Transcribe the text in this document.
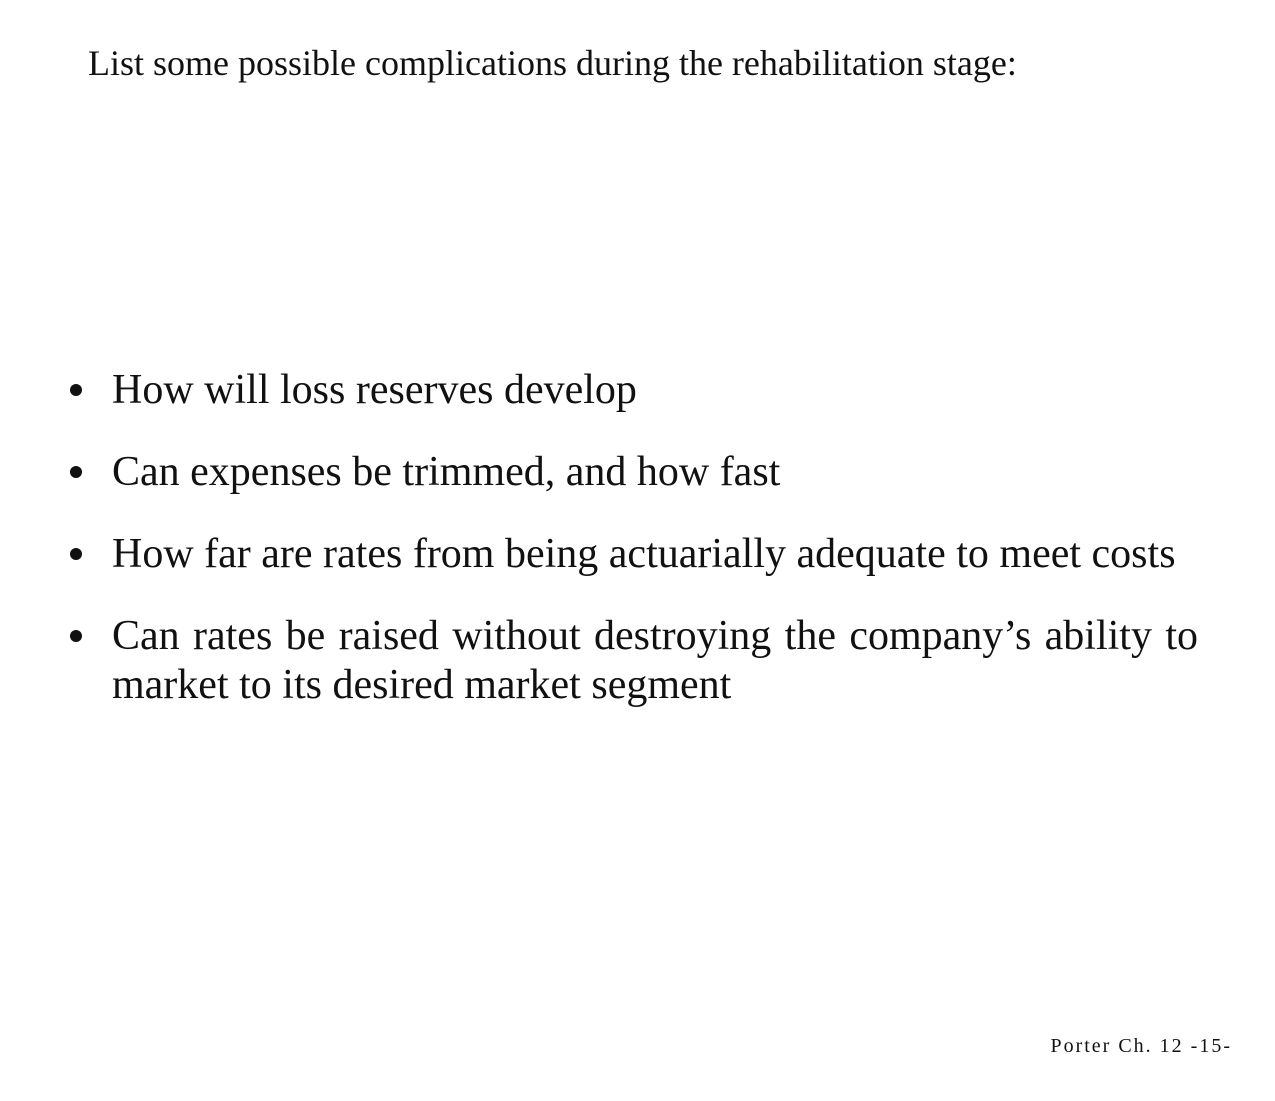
List some possible complications during the rehabilitation stage:

How will loss reserves develop
Can expenses be trimmed, and how fast
How far are rates from being actuarially adequate to meet costs
Can rates be raised without destroying the company’s ability to market to its desired market segment
Porter Ch. 12 -15-
